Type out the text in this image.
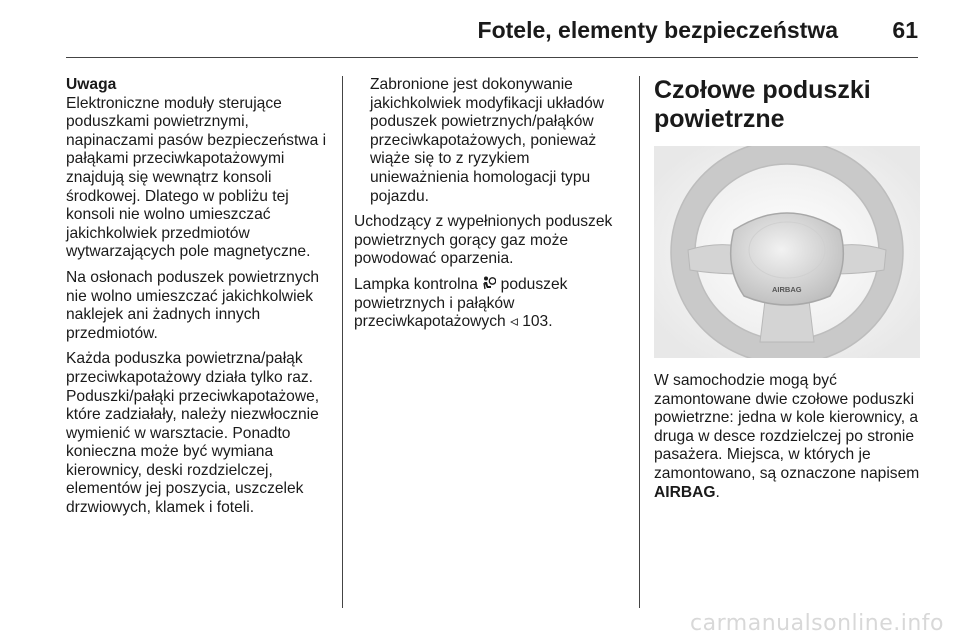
Fotele, elementy bezpieczeństwa 61
Uwaga

Elektroniczne moduły sterujące poduszkami powietrznymi, napinaczami pasów bezpieczeństwa i pałąkami przeciwkapotażowymi znajdują się wewnątrz konsoli środkowej. Dlatego w pobliżu tej konsoli nie wolno umieszczać jakichkolwiek przedmiotów wytwarzających pole magnetyczne.

Na osłonach poduszek powietrznych nie wolno umieszczać jakichkolwiek naklejek ani żadnych innych przedmiotów.

Każda poduszka powietrzna/pałąk przeciwkapotażowy działa tylko raz. Poduszki/pałąki przeciwkapotażowe, które zadziałały, należy niezwłocznie wymienić w warsztacie. Ponadto konieczna może być wymiana kierownicy, deski rozdzielczej, elementów jej poszycia, uszczelek drzwiowych, klamek i foteli.

Zabronione jest dokonywanie jakichkolwiek modyfikacji układów poduszek powietrznych/pałąków przeciwkapotażowych, ponieważ wiąże się to z ryzykiem unieważnienia homologacji typu pojazdu.

Uchodzący z wypełnionych poduszek powietrznych gorący gaz może powodować oparzenia.

Lampka kontrolna poduszek powietrznych i pałąków przeciwkapotażowych ◃ 103.

Czołowe poduszki powietrzne
AIRBAG

W samochodzie mogą być zamontowane dwie czołowe poduszki powietrzne: jedna w kole kierownicy, a druga w desce rozdzielczej po stronie pasażera. Miejsca, w których je zamontowano, są oznaczone napisem AIRBAG.

carmanualsonline.info
